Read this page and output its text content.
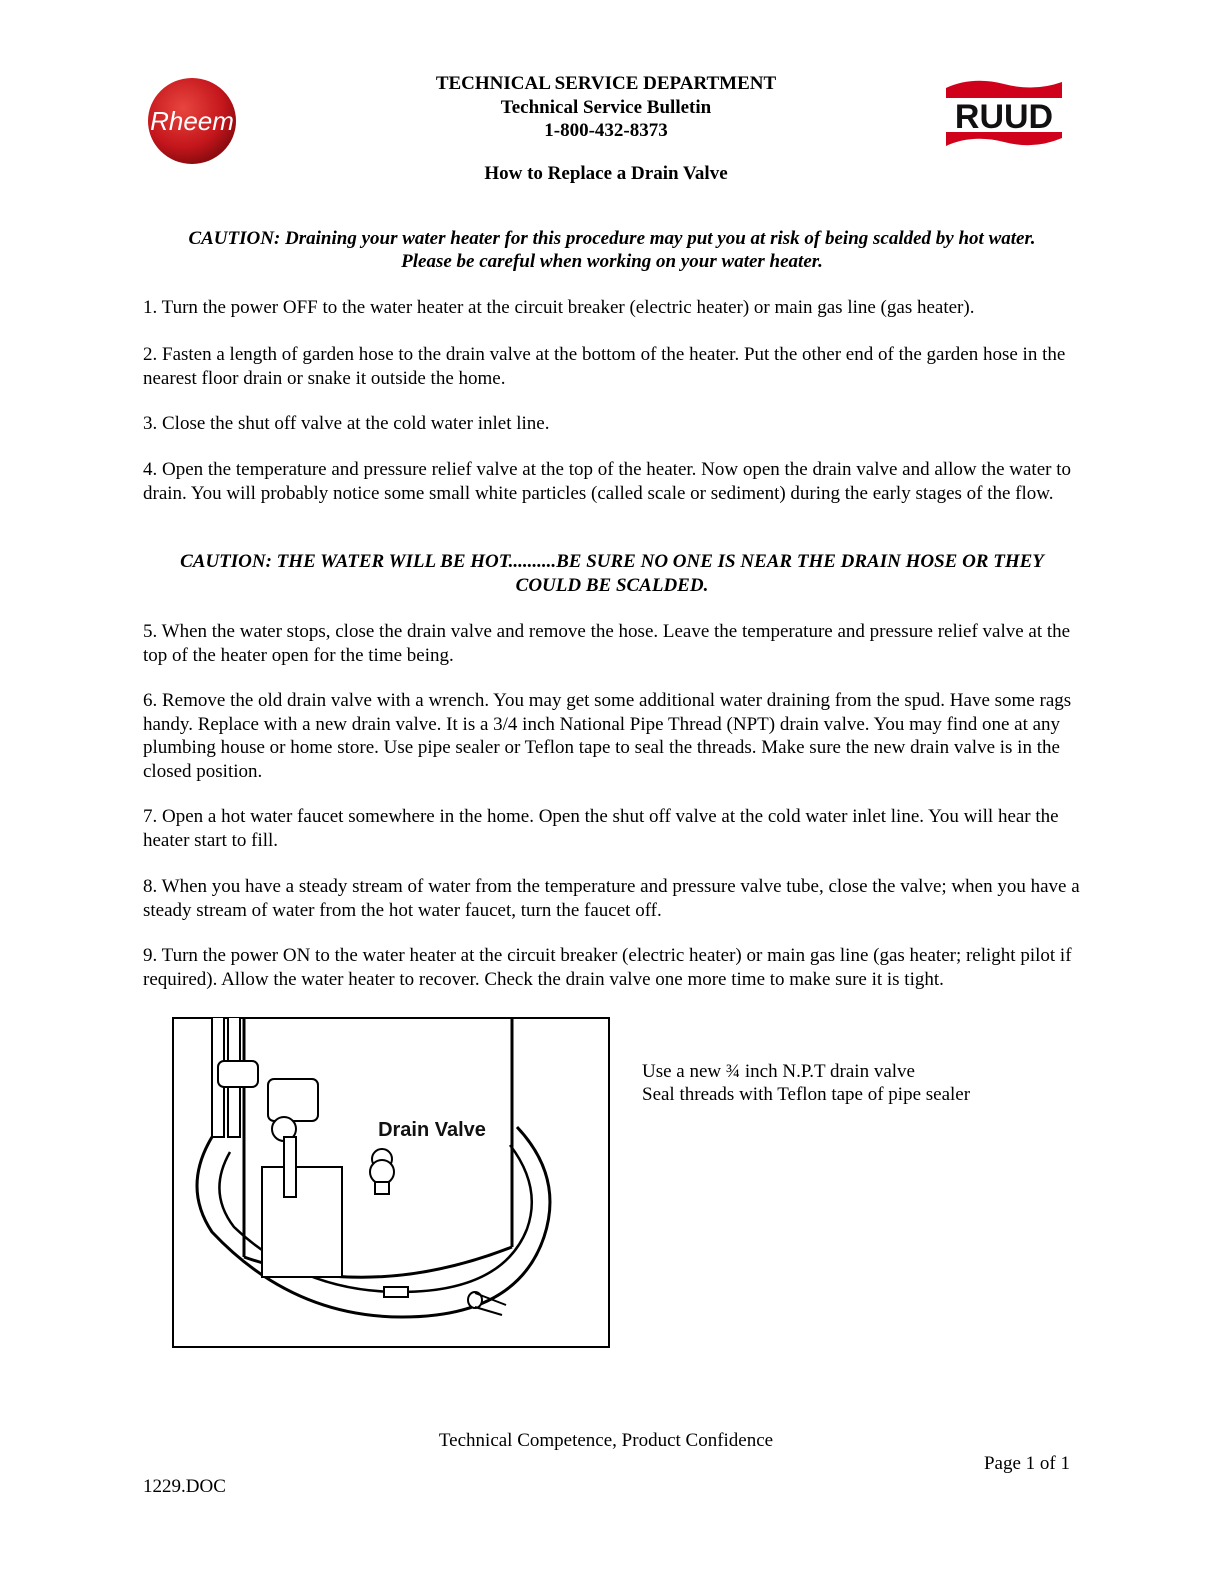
Rheem
TECHNICAL SERVICE DEPARTMENT
Technical Service Bulletin
1-800-432-8373
How to Replace a Drain Valve
RUUD
CAUTION: Draining your water heater for this procedure may put you at risk of being scalded by hot water.
Please be careful when working on your water heater.
1. Turn the power OFF to the water heater at the circuit breaker (electric heater) or main gas line (gas heater).
2. Fasten a length of garden hose to the drain valve at the bottom of the heater. Put the other end of the garden hose in the nearest floor drain or snake it outside the home.
3. Close the shut off valve at the cold water inlet line.
4. Open the temperature and pressure relief valve at the top of the heater. Now open the drain valve and allow the water to drain. You will probably notice some small white particles (called scale or sediment) during the early stages of the flow.
CAUTION: THE WATER WILL BE HOT..........BE SURE NO ONE IS NEAR THE DRAIN HOSE OR THEY
COULD BE SCALDED.
5. When the water stops, close the drain valve and remove the hose. Leave the temperature and pressure relief valve at the top of the heater open for the time being.
6. Remove the old drain valve with a wrench. You may get some additional water draining from the spud. Have some rags handy. Replace with a new drain valve. It is a 3/4 inch National Pipe Thread (NPT) drain valve. You may find one at any plumbing house or home store. Use pipe sealer or Teflon tape to seal the threads. Make sure the new drain valve is in the closed position.
7. Open a hot water faucet somewhere in the home. Open the shut off valve at the cold water inlet line. You will hear the heater start to fill.
8. When you have a steady stream of water from the temperature and pressure valve tube, close the valve; when you have a steady stream of water from the hot water faucet, turn the faucet off.
9. Turn the power ON to the water heater at the circuit breaker (electric heater) or main gas line (gas heater; relight pilot if required). Allow the water heater to recover. Check the drain valve one more time to make sure it is tight.
Drain Valve
Use a new ¾ inch N.P.T drain valve
Seal threads with Teflon tape of pipe sealer
Technical Competence, Product Confidence
Page 1 of 1
1229.DOC
